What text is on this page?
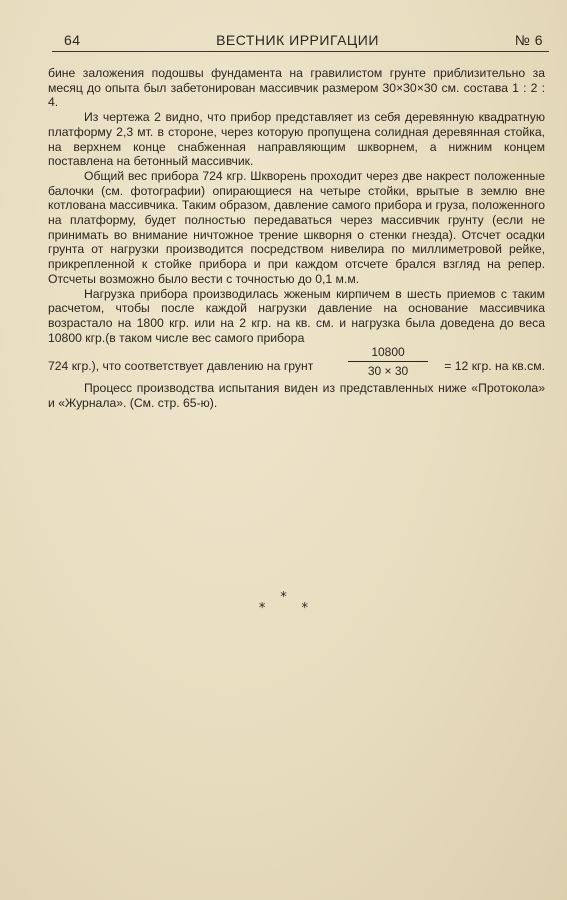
64	ВЕСТНИК ИРРИГАЦИИ	№ 6

бине заложения подошвы фундамента на гравилистом грунте приблизительно за месяц до опыта был забетонирован массивчик размером 30×30×30 см. состава 1 : 2 : 4.

Из чертежа 2 видно, что прибор представляет из себя деревянную квадратную платформу 2,3 мт. в стороне, через которую пропущена солидная деревянная стойка, на верхнем конце снабженная направляющим шкворнем, а нижним концем поставлена на бетонный массивчик.

Общий вес прибора 724 кгр. Шкворень проходит через две накрест положенные балочки (см. фотографии) опирающиеся на четыре стойки, врытые в землю вне котлована массивчика. Таким образом, давление самого прибора и груза, положенного на платформу, будет полностью передаваться через массивчик грунту (если не принимать во внимание ничтожное трение шкворня о стенки гнезда). Отсчет осадки грунта от нагрузки производится посредством нивелира по миллиметровой рейке, прикрепленной к стойке прибора и при каждом отсчете брался взгляд на репер. Отсчеты возможно было вести с точностью до 0,1 м.м.

Нагрузка прибора производилась жженым кирпичем в шесть приемов с таким расчетом, чтобы после каждой нагрузки давление на основание массивчика возрастало на 1800 кгр. или на 2 кгр. на кв. см. и нагрузка была доведена до веса 10800 кгр.(в таком числе вес самого прибора

724 кгр.), что соответствует давлению на грунт
10800
30 × 30	= 12 кгр. на кв.см.

Процесс производства испытания виден из представленных ниже «Протокола» и «Журнала». (См. стр. 65-ю).

*
* *
